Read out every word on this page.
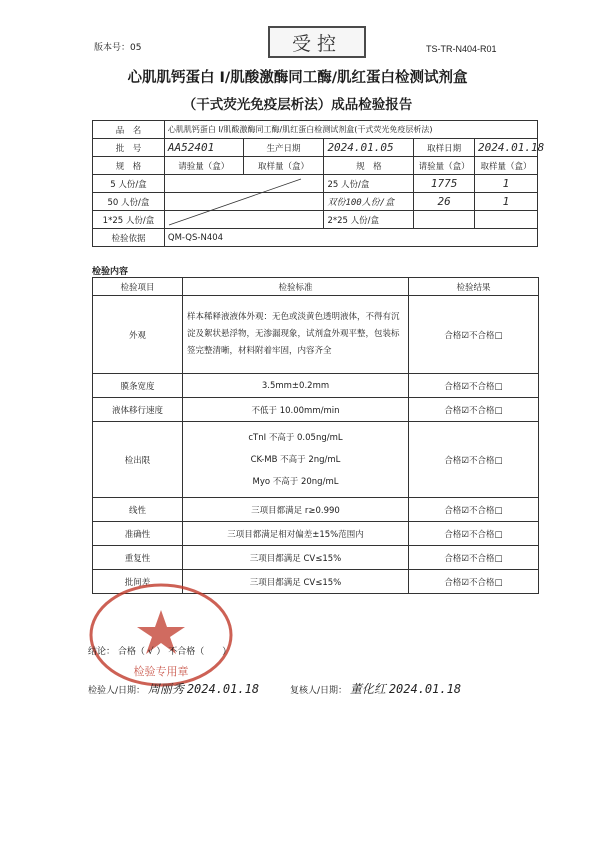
版本号：05	受控	TS-TR-N404-R01
心肌肌钙蛋白 I/肌酸激酶同工酶/肌红蛋白检测试剂盒
（干式荧光免疫层析法）成品检验报告
品　名	心肌肌钙蛋白 I/肌酸激酶同工酶/肌红蛋白检测试剂盒(干式荧光免疫层析法)				
批　号	AA52401	生产日期	2024.01.05	取样日期	2024.01.18
规　格	请验量（盒）	取样量（盒）	规　格	请验量（盒）	取样量（盒）
5 人份/盒			25 人份/盒	1775	1
50 人份/盒			双份100人份/盒	26	1
1*25 人份/盒			2*25 人份/盒		
检验依据	QM-QS-N404				
检验内容
检验项目	检验标准	检验结果
外观	样本稀释液液体外观：无色或淡黄色透明液体，不得有沉淀及絮状悬浮物，无渗漏现象，试剂盒外观平整，包装标签完整清晰，材料附着牢固，内容齐全	合格☑不合格□
膜条宽度	3.5mm±0.2mm	合格☑不合格□
液体移行速度	不低于 10.00mm/min	合格☑不合格□
检出限	cTnI 不高于 0.05ng/mL
CK-MB 不高于 2ng/mL
Myo 不高于 20ng/mL	合格☑不合格□
线性	三项目都满足 r≥0.990	合格☑不合格□
准确性	三项目都满足相对偏差±15%范围内	合格☑不合格□
重复性	三项目都满足 CV≤15%	合格☑不合格□
批间差	三项目都满足 CV≤15%	合格☑不合格□
检验专用章
结论： 合格（ √ ） 不合格（　　）
检验人/日期： 周丽秀 2024.01.18	复核人/日期： 董化红 2024.01.18
